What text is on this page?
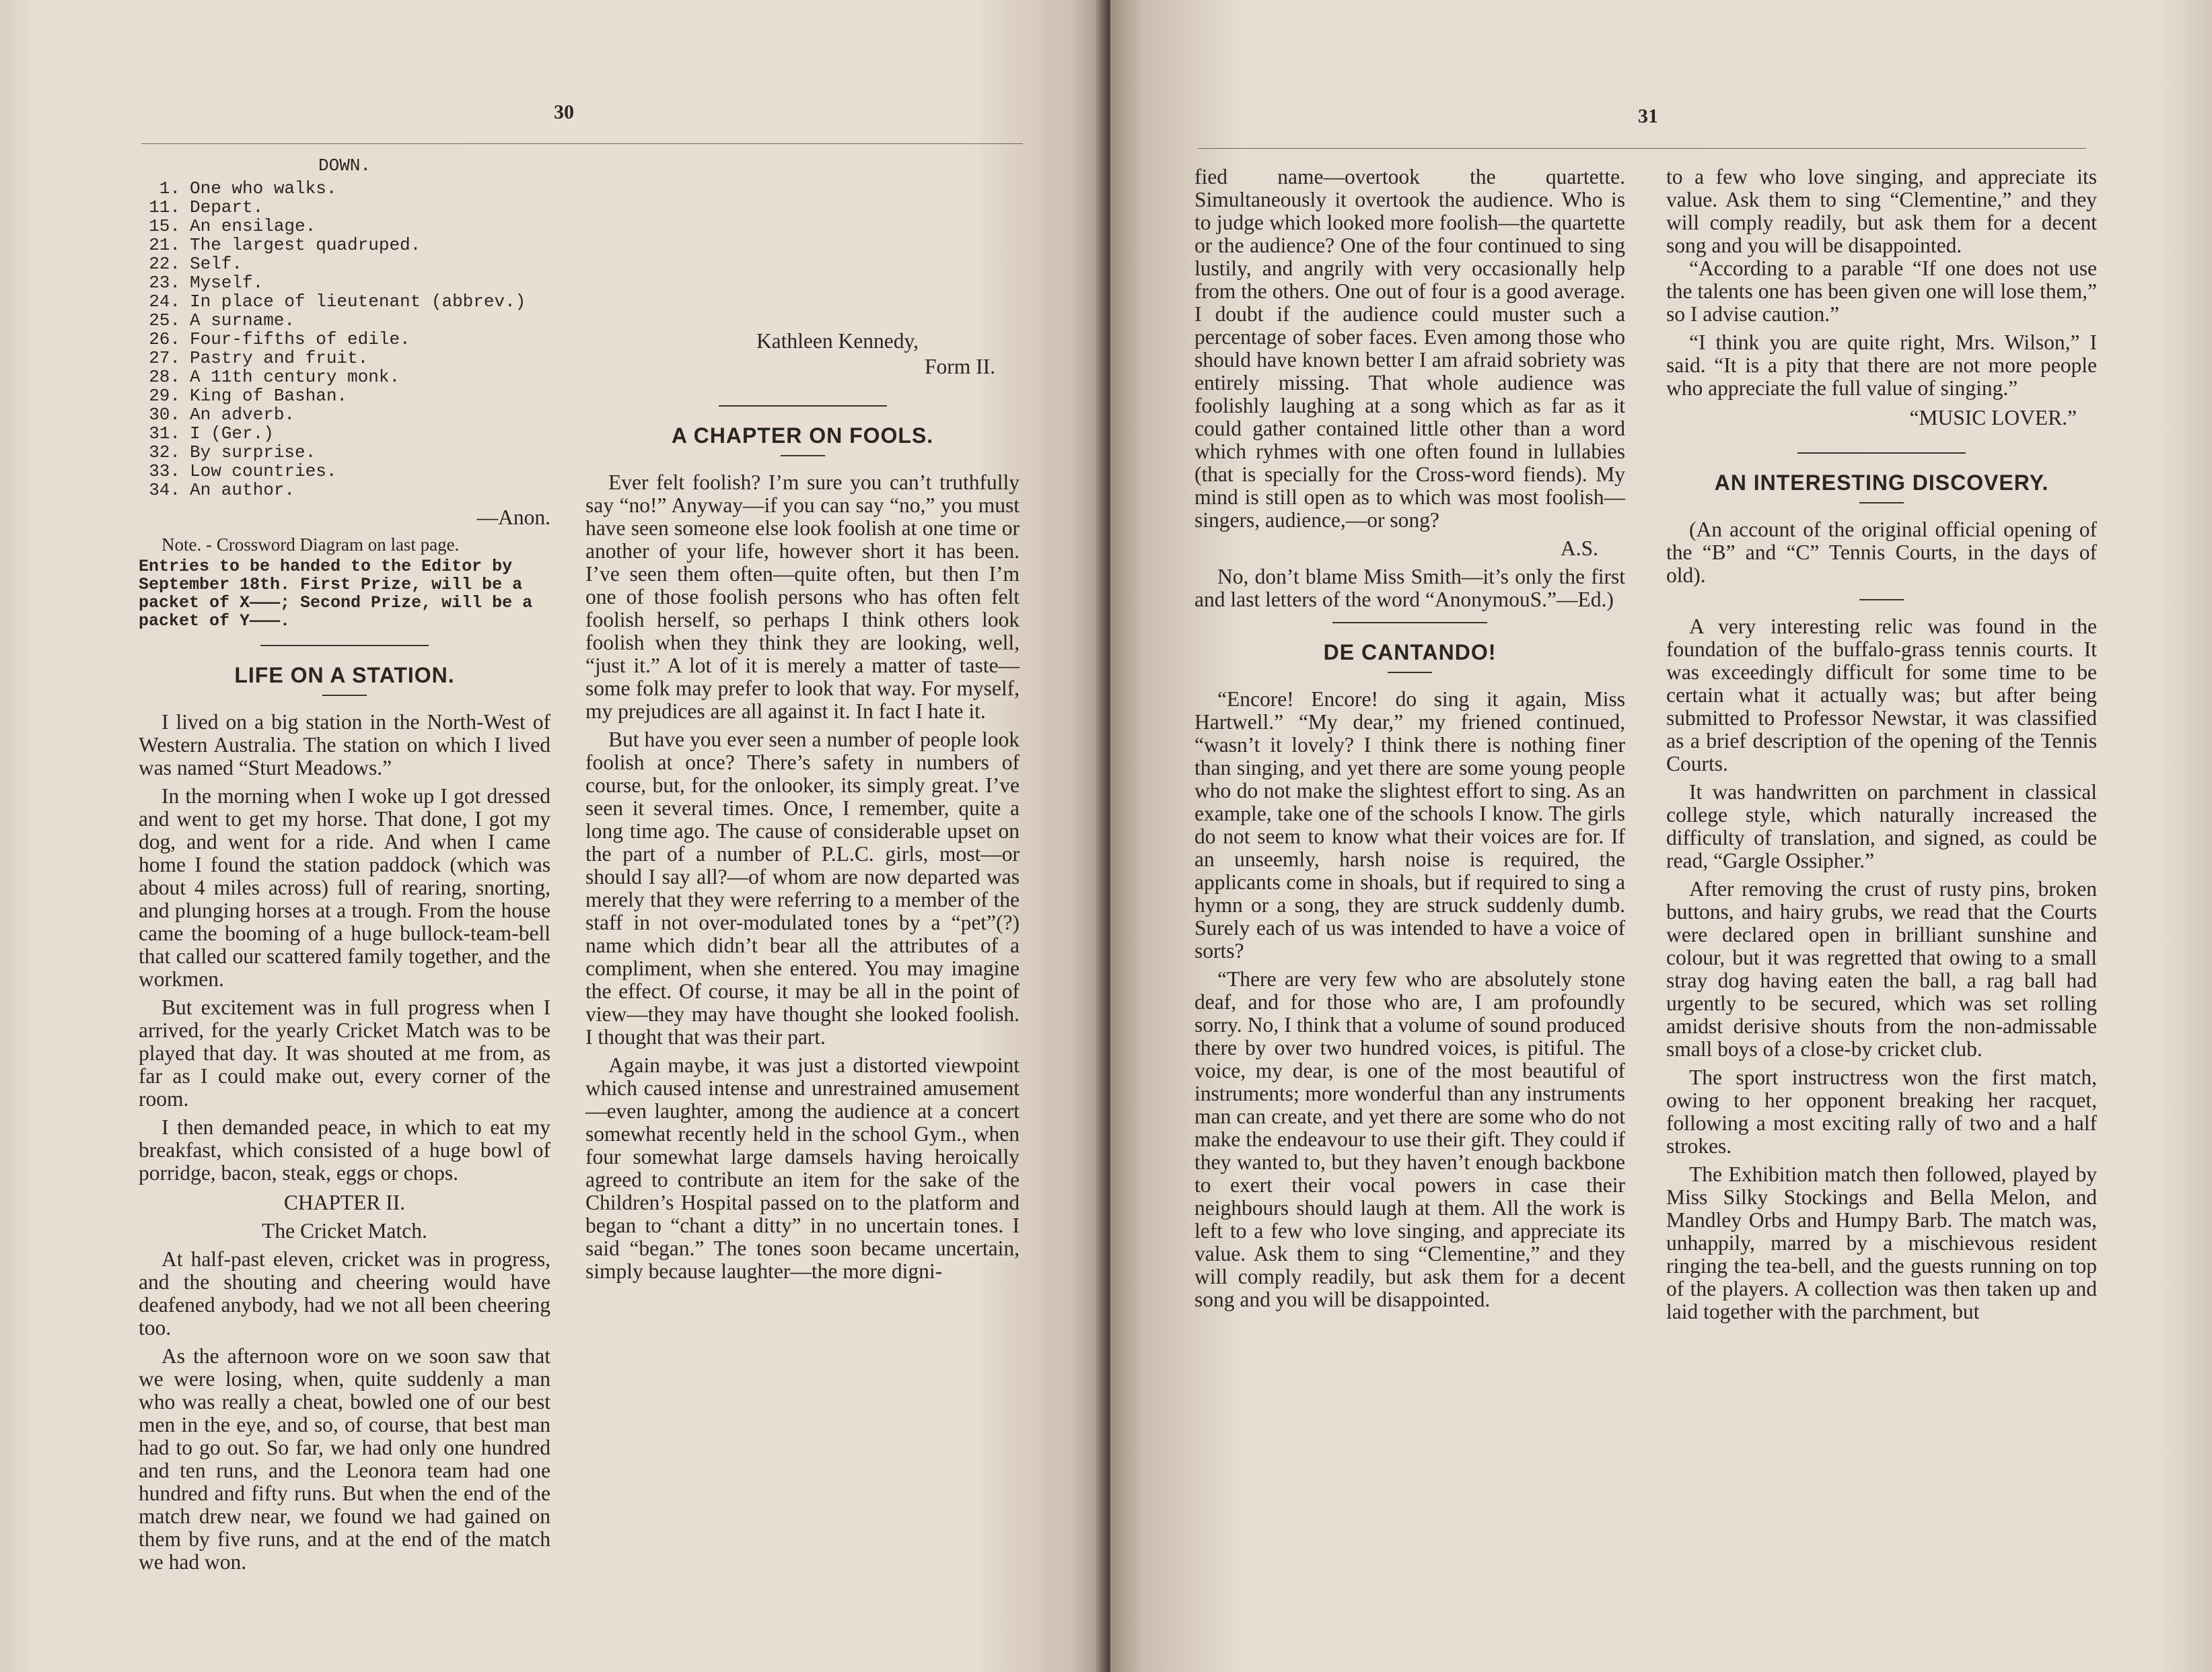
30
DOWN.
1. One who walks.
11. Depart.
15. An ensilage.
21. The largest quadruped.
22. Self.
23. Myself.
24. In place of lieutenant (abbrev.)
25. A surname.
26. Four-fifths of edile.
27. Pastry and fruit.
28. A 11th century monk.
29. King of Bashan.
30. An adverb.
31. I (Ger.)
32. By surprise.
33. Low countries.
34. An author.

—Anon.

Note. - Crossword Diagram on last page.

Entries to be handed to the Editor by September 18th. First Prize, will be a packet of X———; Second Prize, will be a packet of Y———.

LIFE ON A STATION.

I lived on a big station in the North-West of Western Australia. The station on which I lived was named “Sturt Meadows.”

In the morning when I woke up I got dressed and went to get my horse. That done, I got my dog, and went for a ride. And when I came home I found the station paddock (which was about 4 miles across) full of rearing, snorting, and plunging horses at a trough. From the house came the booming of a huge bullock-team-bell that called our scattered family together, and the workmen.

But excitement was in full progress when I arrived, for the yearly Cricket Match was to be played that day. It was shouted at me from, as far as I could make out, every corner of the room.

I then demanded peace, in which to eat my breakfast, which consisted of a huge bowl of porridge, bacon, steak, eggs or chops.

CHAPTER II.

The Cricket Match.

At half-past eleven, cricket was in progress, and the shouting and cheering would have deafened anybody, had we not all been cheering too.

As the afternoon wore on we soon saw that we were losing, when, quite suddenly a man who was really a cheat, bowled one of our best men in the eye, and so, of course, that best man had to go out. So far, we had only one hundred and ten runs, and the Leonora team had one hundred and fifty runs. But when the end of the match drew near, we found we had gained on them by five runs, and at the end of the match we had won.

Kathleen Kennedy,

Form II.

A CHAPTER ON FOOLS.

Ever felt foolish? I’m sure you can’t truthfully say “no!” Anyway—if you can say “no,” you must have seen someone else look foolish at one time or another of your life, however short it has been. I’ve seen them often—quite often, but then I’m one of those foolish persons who has often felt foolish herself, so perhaps I think others look foolish when they think they are looking, well, “just it.” A lot of it is merely a matter of taste—some folk may prefer to look that way. For myself, my prejudices are all against it. In fact I hate it.

But have you ever seen a number of people look foolish at once? There’s safety in numbers of course, but, for the onlooker, its simply great. I’ve seen it several times. Once, I remember, quite a long time ago. The cause of considerable upset on the part of a number of P.L.C. girls, most—or should I say all?—of whom are now departed was merely that they were referring to a member of the staff in not over-modulated tones by a “pet”(?) name which didn’t bear all the attributes of a compliment, when she entered. You may imagine the effect. Of course, it may be all in the point of view—they may have thought she looked foolish. I thought that was their part.

Again maybe, it was just a distorted viewpoint which caused intense and unrestrained amusement—even laughter, among the audience at a concert somewhat recently held in the school Gym., when four somewhat large damsels having heroically agreed to contribute an item for the sake of the Children’s Hospital passed on to the platform and began to “chant a ditty” in no uncertain tones. I said “began.” The tones soon became uncertain, simply because laughter—the more digni-

31

fied name—overtook the quartette. Simultaneously it overtook the audience. Who is to judge which looked more foolish—the quartette or the audience? One of the four continued to sing lustily, and angrily with very occasionally help from the others. One out of four is a good average. I doubt if the audience could muster such a percentage of sober faces. Even among those who should have known better I am afraid sobriety was entirely missing. That whole audience was foolishly laughing at a song which as far as it could gather contained little other than a word which ryhmes with one often found in lullabies (that is specially for the Cross-word fiends). My mind is still open as to which was most foolish—singers, audience,—or song?

A.S.

No, don’t blame Miss Smith—it’s only the first and last letters of the word “AnonymouS.”—Ed.)

DE CANTANDO!

“Encore! Encore! do sing it again, Miss Hartwell.” “My dear,” my friened continued, “wasn’t it lovely? I think there is nothing finer than singing, and yet there are some young people who do not make the slightest effort to sing. As an example, take one of the schools I know. The girls do not seem to know what their voices are for. If an unseemly, harsh noise is required, the applicants come in shoals, but if required to sing a hymn or a song, they are struck suddenly dumb. Surely each of us was intended to have a voice of sorts?

“There are very few who are absolutely stone deaf, and for those who are, I am profoundly sorry. No, I think that a volume of sound produced there by over two hundred voices, is pitiful. The voice, my dear, is one of the most beautiful of instruments; more wonderful than any instruments man can create, and yet there are some who do not make the endeavour to use their gift. They could if they wanted to, but they haven’t enough backbone to exert their vocal powers in case their neighbours should laugh at them. All the work is left to a few who love singing, and appreciate its value. Ask them to sing “Clementine,” and they will comply readily, but ask them for a decent song and you will be disappointed.

to a few who love singing, and appreciate its value. Ask them to sing “Clementine,” and they will comply readily, but ask them for a decent song and you will be disappointed.

“According to a parable “If one does not use the talents one has been given one will lose them,” so I advise caution.”

“I think you are quite right, Mrs. Wilson,” I said. “It is a pity that there are not more people who appreciate the full value of singing.”

“MUSIC LOVER.”

AN INTERESTING DISCOVERY.

(An account of the original official opening of the “B” and “C” Tennis Courts, in the days of old).

A very interesting relic was found in the foundation of the buffalo-grass tennis courts. It was exceedingly difficult for some time to be certain what it actually was; but after being submitted to Professor Newstar, it was classified as a brief description of the opening of the Tennis Courts.

It was handwritten on parchment in classical college style, which naturally increased the difficulty of translation, and signed, as could be read, “Gargle Ossipher.”

After removing the crust of rusty pins, broken buttons, and hairy grubs, we read that the Courts were declared open in brilliant sunshine and colour, but it was regretted that owing to a small stray dog having eaten the ball, a rag ball had urgently to be secured, which was set rolling amidst derisive shouts from the non-admissable small boys of a close-by cricket club.

The sport instructress won the first match, owing to her opponent breaking her racquet, following a most exciting rally of two and a half strokes.

The Exhibition match then followed, played by Miss Silky Stockings and Bella Melon, and Mandley Orbs and Humpy Barb. The match was, unhappily, marred by a mischievous resident ringing the tea-bell, and the guests running on top of the players. A collection was then taken up and laid together with the parchment, but
